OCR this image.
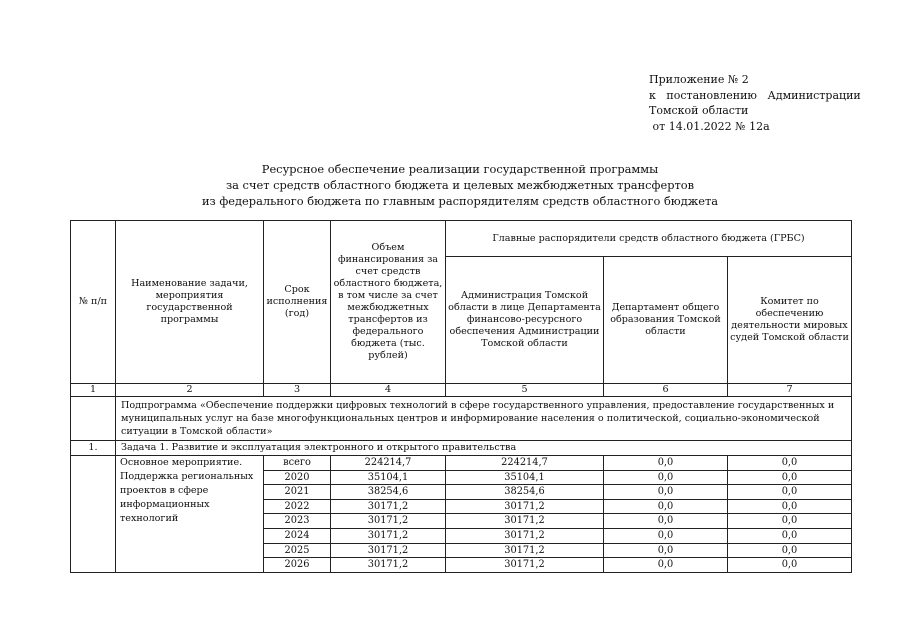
Приложение № 2
к   постановлению   Администрации
Томской области
от 14.01.2022 № 12а
Ресурсное обеспечение реализации государственной программы
за счет средств областного бюджета и целевых межбюджетных трансфертов
из федерального бюджета по главным распорядителям средств областного бюджета
№ п/п	Наименование задачи, мероприятия государственной программы	Срок исполнения (год)	Объем финансирования за счет средств областного бюджета, в том числе за счет межбюджетных трансфертов из федерального бюджета (тыс. рублей)	Главные распорядители средств областного бюджета (ГРБС)		
				Администрация Томской области в лице Департамента финансово-ресурсного обеспечения Администрации Томской области	Департамент общего образования Томской области	Комитет по обеспечению деятельности мировых судей Томской области
1	2	3	4	5	6	7
	Подпрограмма «Обеспечение поддержки цифровых технологий в сфере государственного управления, предоставление государственных и муниципальных услуг на базе многофункциональных центров и информирование населения о политической, социально-экономической ситуации в Томской области»					
1.	Задача 1. Развитие и эксплуатация электронного и открытого правительства					
	Основное мероприятие. Поддержка региональных проектов в сфере информационных технологий	всего	224214,7	224214,7	0,0	0,0
		2020	35104,1	35104,1	0,0	0,0
		2021	38254,6	38254,6	0,0	0,0
		2022	30171,2	30171,2	0,0	0,0
		2023	30171,2	30171,2	0,0	0,0
		2024	30171,2	30171,2	0,0	0,0
		2025	30171,2	30171,2	0,0	0,0
		2026	30171,2	30171,2	0,0	0,0
